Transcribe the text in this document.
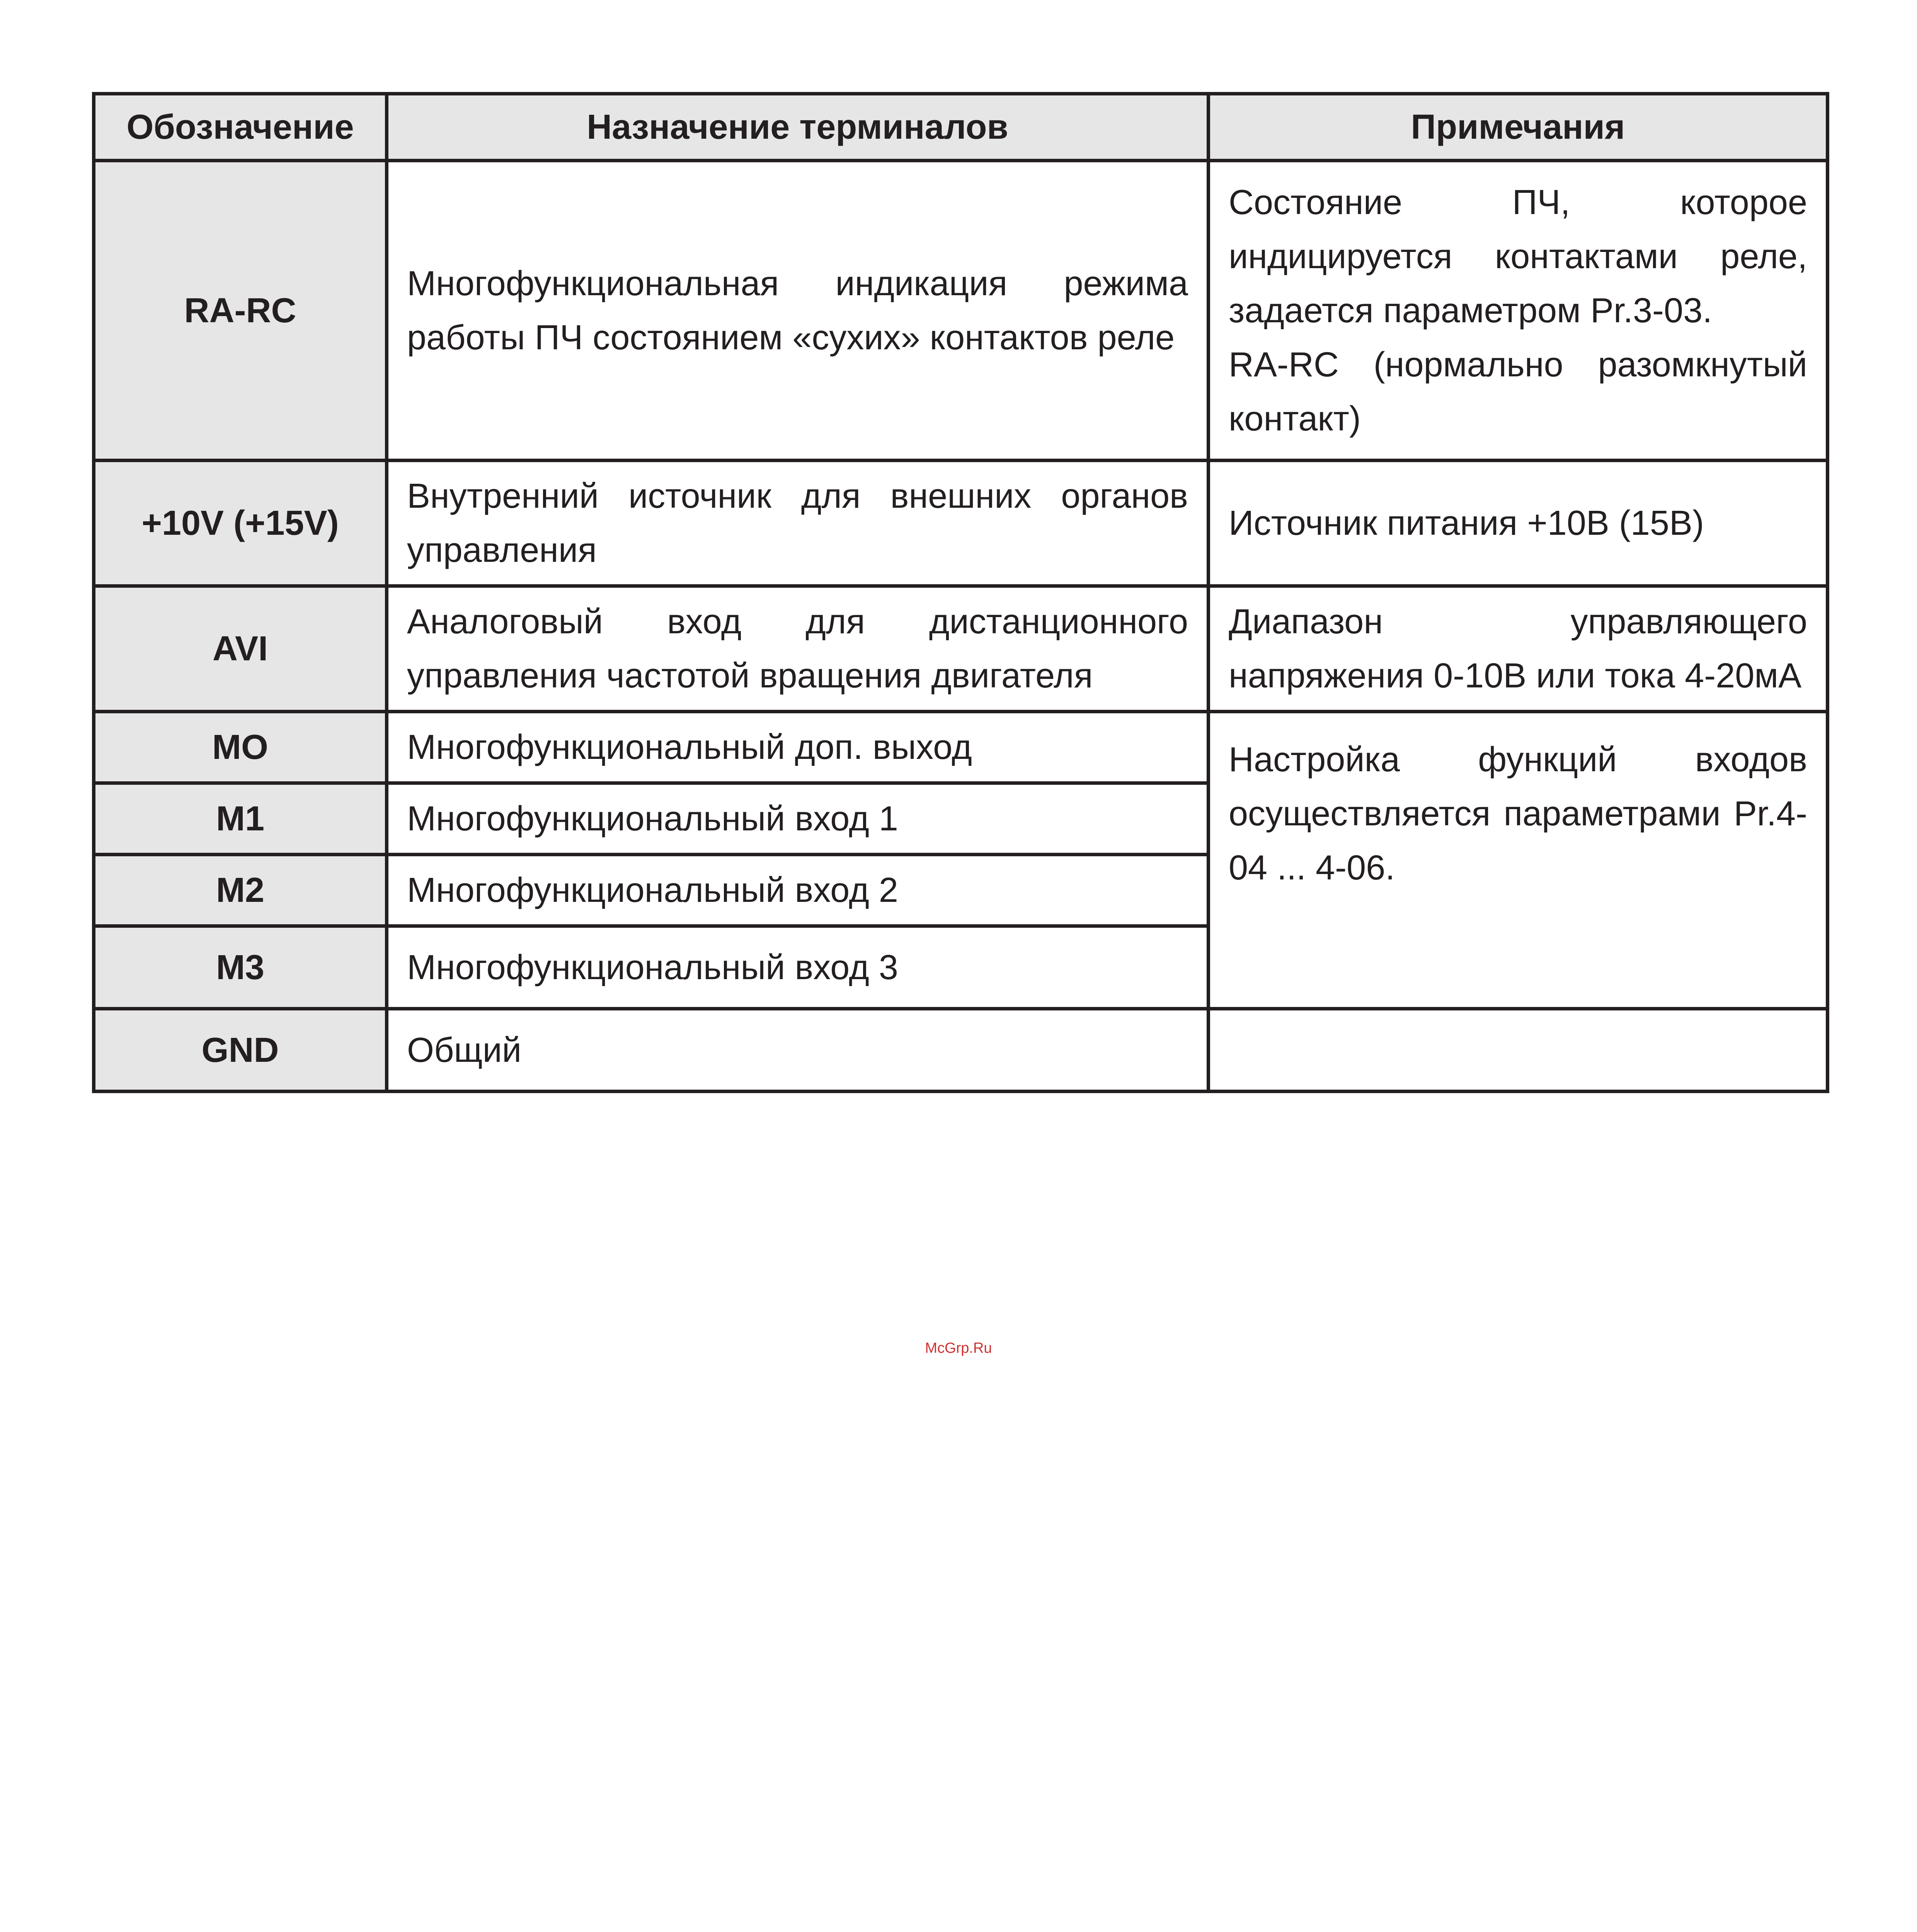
Обозначение	Назначение терминалов	Примечания
RA-RC	Многофункциональная индикация режима работы ПЧ состоянием «сухих» контактов реле	Состояние ПЧ, которое индицируется контактами реле, задается параметром Pr.3-03.
RA-RC (нормально разомкнутый контакт)

+10V (+15V)	Внутренний источник для внешних органов управления	Источник питания +10В (15В)
AVI	Аналоговый вход для дистанционного управления частотой вращения двигателя	Диапазон управляющего напряжения 0-10В или тока 4-20мА
MO	Многофункциональный доп. выход	Настройка функций входов осуществляется параметрами Pr.4-04 ... 4-06.
M1	Многофункциональный вход 1	
M2	Многофункциональный вход 2	
M3	Многофункциональный вход 3	
GND	Общий	
McGrp.Ru
